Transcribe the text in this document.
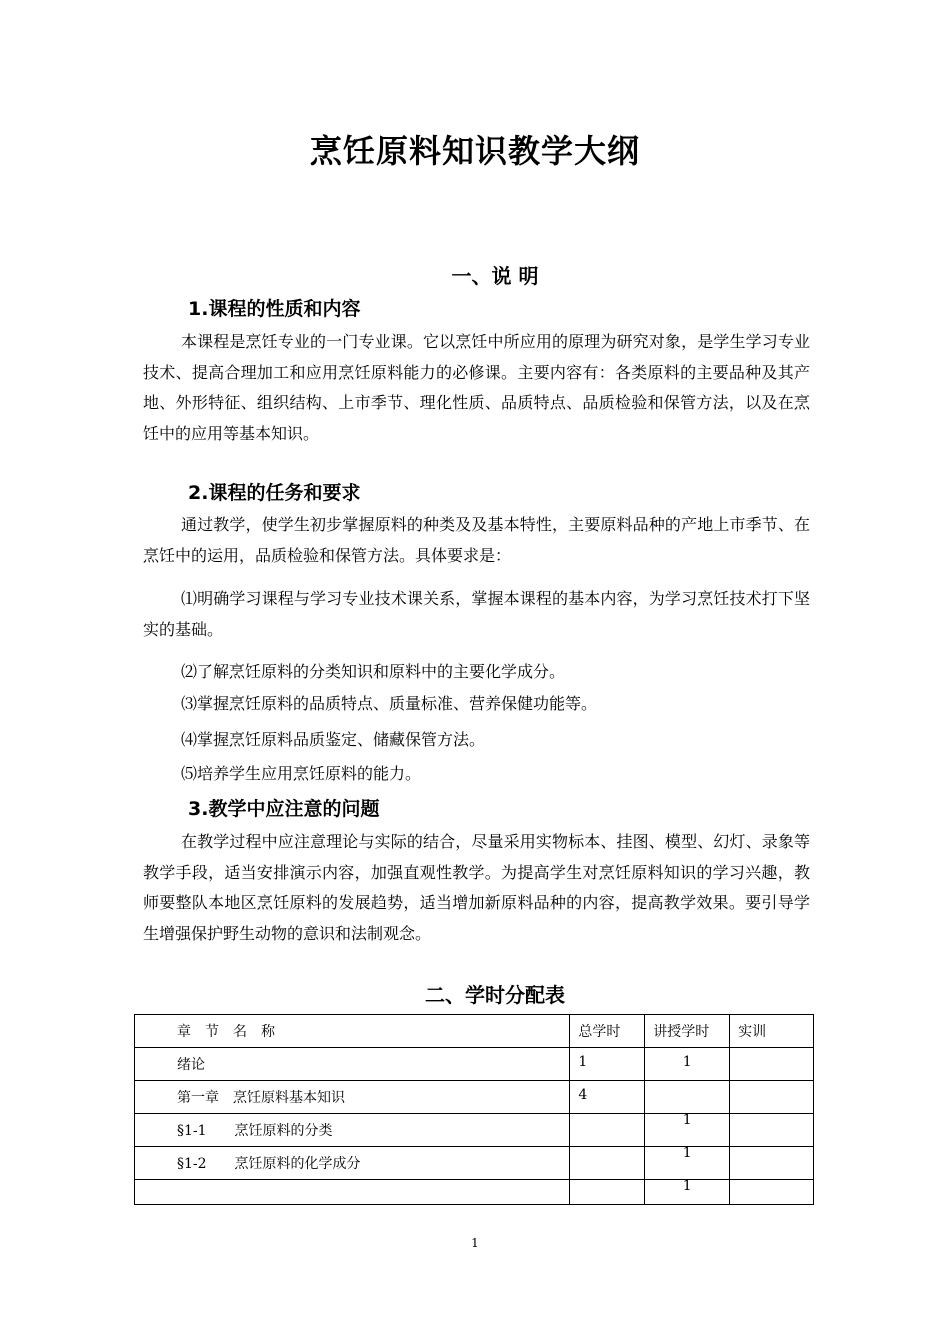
烹饪原料知识教学大纲
一、说 明
1.课程的性质和内容
本课程是烹饪专业的一门专业课。它以烹饪中所应用的原理为研究对象，是学生学习专业技术、提高合理加工和应用烹饪原料能力的必修课。主要内容有：各类原料的主要品种及其产地、外形特征、组织结构、上市季节、理化性质、品质特点、品质检验和保管方法，以及在烹饪中的应用等基本知识。
2.课程的任务和要求
通过教学，使学生初步掌握原料的种类及及基本特性，主要原料品种的产地上市季节、在烹饪中的运用，品质检验和保管方法。具体要求是：
⑴明确学习课程与学习专业技术课关系，掌握本课程的基本内容，为学习烹饪技术打下坚实的基础。
⑵了解烹饪原料的分类知识和原料中的主要化学成分。
⑶掌握烹饪原料的品质特点、质量标准、营养保健功能等。
⑷掌握烹饪原料品质鉴定、储藏保管方法。
⑸培养学生应用烹饪原料的能力。
3.教学中应注意的问题
在教学过程中应注意理论与实际的结合，尽量采用实物标本、挂图、模型、幻灯、录象等教学手段，适当安排演示内容，加强直观性教学。为提高学生对烹饪原料知识的学习兴趣，教师要整队本地区烹饪原料的发展趋势，适当增加新原料品种的内容，提高教学效果。要引导学生增强保护野生动物的意识和法制观念。
二、学时分配表
章　节　名　称	总学时	讲授学时	实训

绪论	1	1	

第一章　烹饪原料基本知识	4		

§1-1　　烹饪原料的分类		1	

§1-2　　烹饪原料的化学成分		1	

		1	

1
